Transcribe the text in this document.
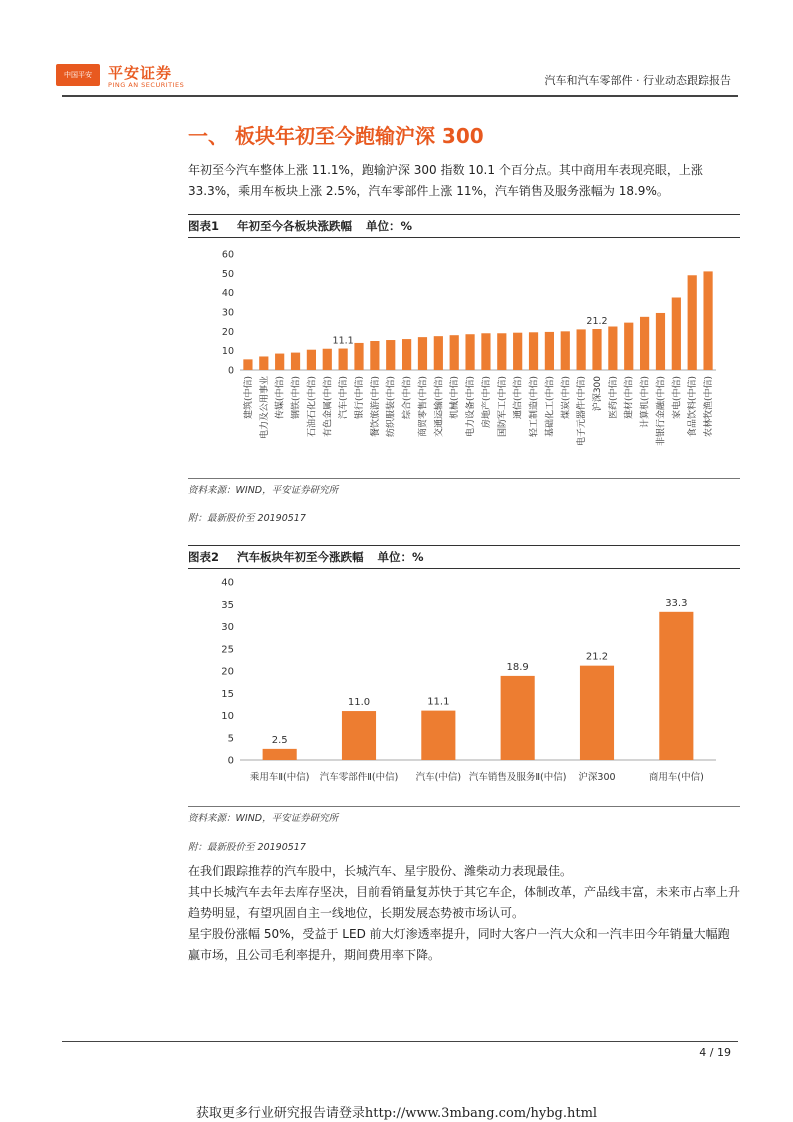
中国平安	平安证券
PING AN SECURITIES	汽车和汽车零部件 · 行业动态跟踪报告
一、 板块年初至今跑输沪深 300
年初至今汽车整体上涨 11.1%，跑输沪深 300 指数 10.1 个百分点。其中商用车表现亮眼，上涨 33.3%，乘用车板块上涨 2.5%，汽车零部件上涨 11%，汽车销售及服务涨幅为 18.9%。
图表1 年初至今各板块涨跌幅 单位：%
0
10
20
30
40
50
60
建筑(中信) 电力及公用事业 传媒(中信) 钢铁(中信) 石油石化(中信) 有色金属(中信)
11.1
汽车(中信) 银行(中信) 餐饮旅游(中信) 纺织服装(中信) 综合(中信) 商贸零售(中信) 交通运输(中信) 机械(中信) 电力设备(中信) 房地产(中信) 国防军工(中信) 通信(中信) 轻工制造(中信) 基础化工(中信) 煤炭(中信) 电子元器件(中信)
21.2
沪深300 医药(中信) 建材(中信) 计算机(中信) 非银行金融(中信) 家电(中信) 食品饮料(中信) 农林牧渔(中信)
资料来源：WIND，平安证券研究所
附：最新股价至 20190517
图表2 汽车板块年初至今涨跌幅 单位：%
0
5
10
15
20
25
30
35
40
2.5
乘用车Ⅱ(中信)
11.0
汽车零部件Ⅱ(中信)
11.1
汽车(中信)
18.9
汽车销售及服务Ⅱ(中信)
21.2
沪深300
33.3
商用车(中信)
资料来源：WIND，平安证券研究所
附：最新股价至 20190517
在我们跟踪推荐的汽车股中，长城汽车、星宇股份、潍柴动力表现最佳。
其中长城汽车去年去库存坚决，目前看销量复苏快于其它车企，体制改革，产品线丰富，未来市占率上升趋势明显，有望巩固自主一线地位，长期发展态势被市场认可。
星宇股份涨幅 50%，受益于 LED 前大灯渗透率提升，同时大客户一汽大众和一汽丰田今年销量大幅跑赢市场，且公司毛利率提升，期间费用率下降。
4 / 19
获取更多行业研究报告请登录http://www.3mbang.com/hybg.html
